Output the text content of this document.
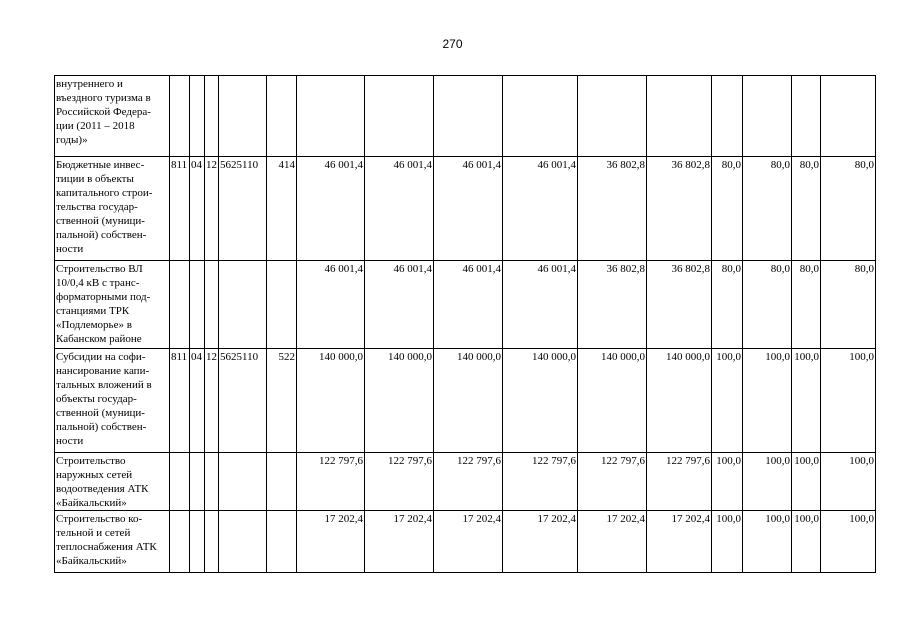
270
внутреннего и въездного туризма в Российской Федера-ции (2011 – 2018 годы)»															
Бюджетные инвес-тиции в объекты капитального строи-тельства государ-ственной (муници-пальной) собствен-ности	811	04	12	5625110	414	46 001,4	46 001,4	46 001,4	46 001,4	36 802,8	36 802,8	80,0	80,0	80,0	80,0
Строительство ВЛ 10/0,4 кВ с транс-форматорными под-станциями ТРК «Подлеморье» в Кабанском районе						46 001,4	46 001,4	46 001,4	46 001,4	36 802,8	36 802,8	80,0	80,0	80,0	80,0
Субсидии на софи-нансирование капи-тальных вложений в объекты государ-ственной (муници-пальной) собствен-ности	811	04	12	5625110	522	140 000,0	140 000,0	140 000,0	140 000,0	140 000,0	140 000,0	100,0	100,0	100,0	100,0
Строительство наружных сетей водоотведения АТК «Байкальский»						122 797,6	122 797,6	122 797,6	122 797,6	122 797,6	122 797,6	100,0	100,0	100,0	100,0
Строительство ко-тельной и сетей теплоснабжения АТК «Байкальский»						17 202,4	17 202,4	17 202,4	17 202,4	17 202,4	17 202,4	100,0	100,0	100,0	100,0
